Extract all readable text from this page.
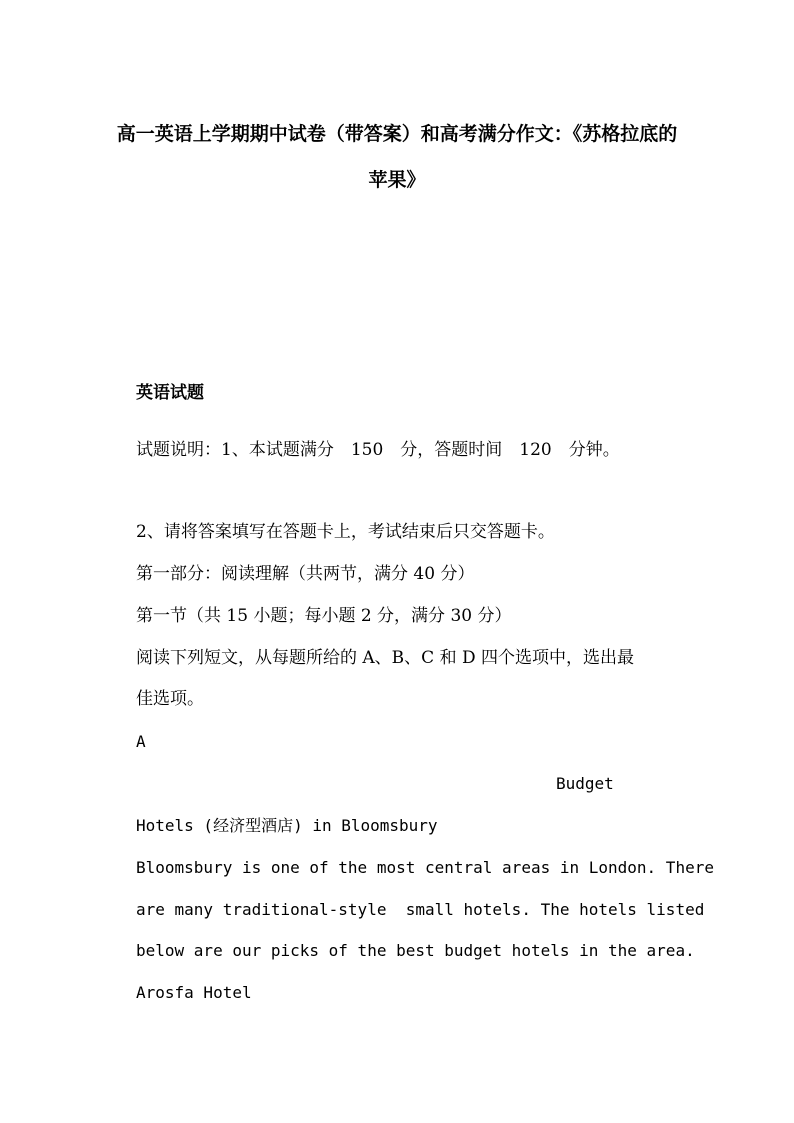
高一英语上学期期中试卷（带答案）和高考满分作文：《苏格拉底的
苹果》
英语试题
试题说明：1、本试题满分　150　分，答题时间　120　分钟。
2、请将答案填写在答题卡上，考试结束后只交答题卡。
第一部分：阅读理解（共两节，满分 40 分）
第一节（共 15 小题；每小题 2 分，满分 30 分）
阅读下列短文，从每题所给的 A、B、C 和 D 四个选项中，选出最
佳选项。
A
Budget
Hotels (经济型酒店) in Bloomsbury
Bloomsbury is one of the most central areas in London. There
are many traditional-style  small hotels. The hotels listed
below are our picks of the best budget hotels in the area.
Arosfa Hotel
